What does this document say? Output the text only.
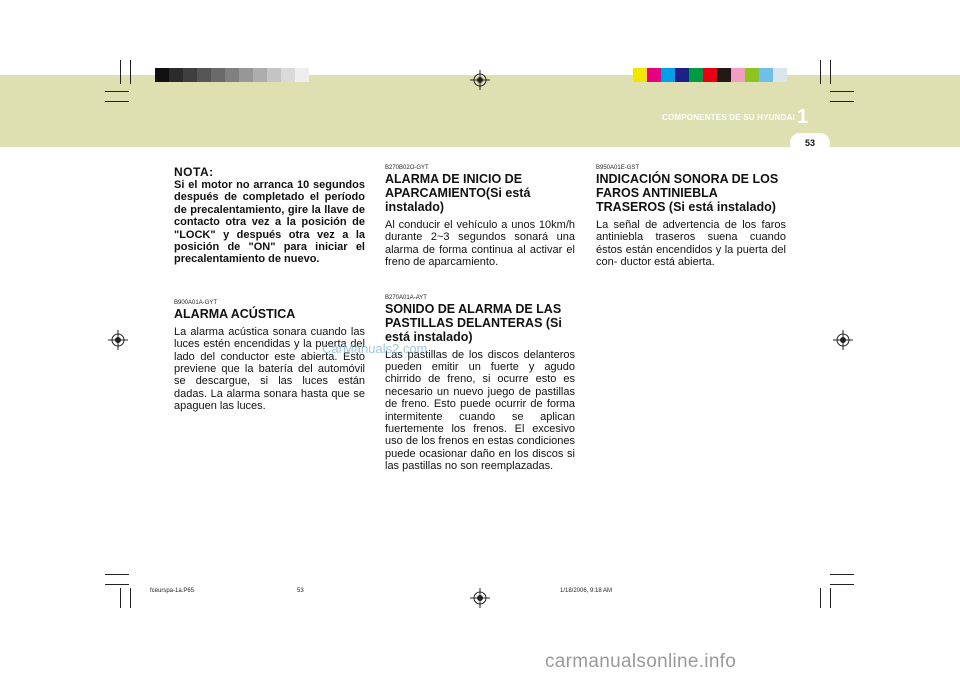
COMPONENTES DE SU HYUNDAI 1
53

NOTA:

Si el motor no arranca 10 segundos después de completado el período de precalentamiento, gire la llave de contacto otra vez a la posición de "LOCK" y después otra vez a la posición de "ON" para iniciar el precalentamiento de nuevo.

B900A01A-GYT

ALARMA ACÚSTICA

La alarma acústica sonara cuando las luces estén encendidas y la puerta del lado del conductor este abierta. Esto previene que la batería del automóvil se descargue, si las luces están dadas. La alarma sonara hasta que se apaguen las luces.

B270B02O-GYT

ALARMA DE INICIO DE APARCAMIENTO(Si está instalado)

Al conducir el vehículo a unos 10km/h durante 2~3 segundos sonará una alarma de forma continua al activar el freno de aparcamiento.

B270A01A-AYT

SONIDO DE ALARMA DE LAS PASTILLAS DELANTERAS (Si está instalado)

Las pastillas de los discos delanteros pueden emitir un fuerte y agudo chirrido de freno, si ocurre esto es necesario un nuevo juego de pastillas de freno. Esto puede ocurrir de forma intermitente cuando se aplican fuertemente los frenos. El excesivo uso de los frenos en estas condiciones puede ocasionar daño en los discos si las pastillas no son reemplazadas.

B950A01E-GST

INDICACIÓN SONORA DE LOS FAROS ANTINIEBLA TRASEROS (Si está instalado)

La señal de advertencia de los faros antiniebla traseros suena cuando éstos están encendidos y la puerta del con- ductor está abierta.

CarManuals2.com
carmanualsonline.info
fceurspa-1a.P65	53	1/18/2006, 9:18 AM
